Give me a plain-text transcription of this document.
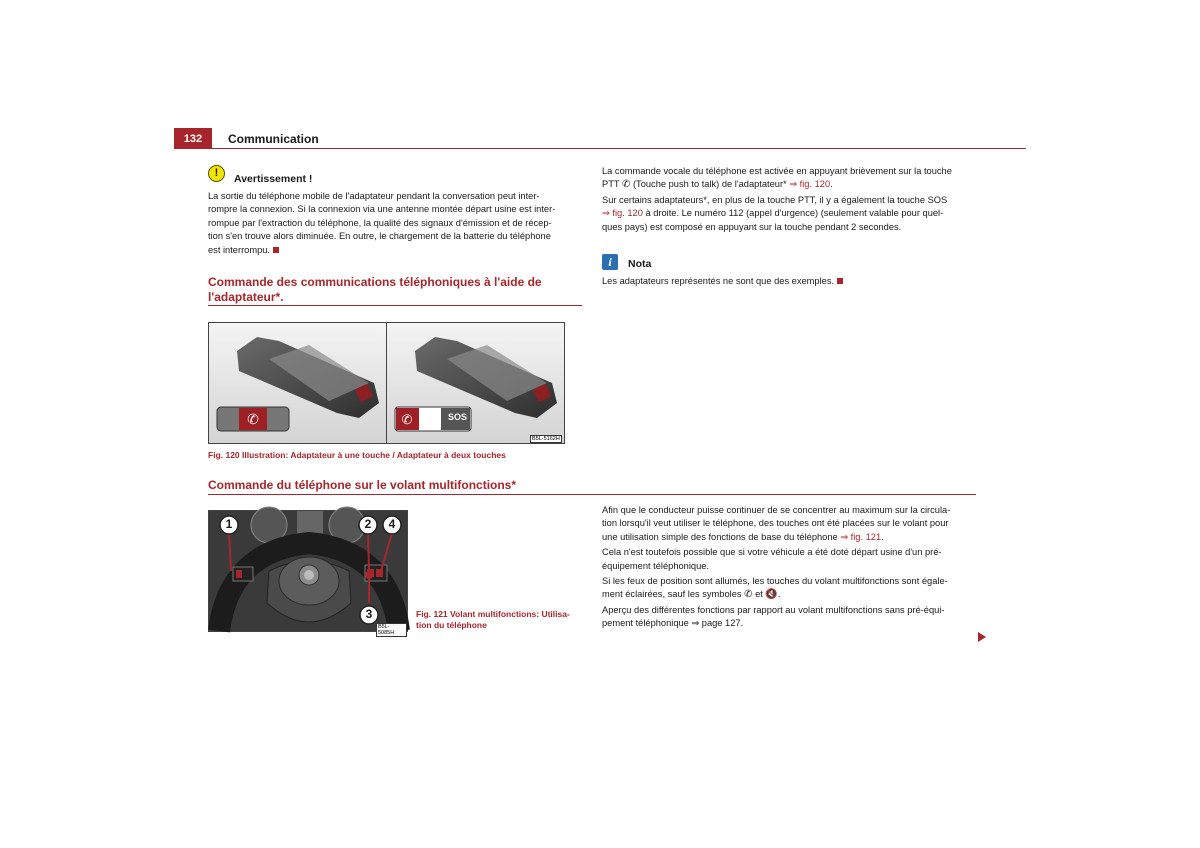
132	Communication
!	Avertissement !
La sortie du téléphone mobile de l'adaptateur pendant la conversation peut inter-
rompre la connexion. Si la connexion via une antenne montée départ usine est inter-
rompue par l'extraction du téléphone, la qualité des signaux d'émission et de récep-
tion s'en trouve alors diminuée. En outre, le chargement de la batterie du téléphone
est interrompu.
Commande des communications téléphoniques à l'aide de
l'adaptateur*.
✆	✆	SOS
B5L-5162H
Fig. 120 Illustration: Adaptateur à une touche / Adaptateur à deux touches
La commande vocale du téléphone est activée en appuyant brièvement sur la touche
PTT ✆ (Touche push to talk) de l'adaptateur* ⇒ fig. 120.
Sur certains adaptateurs*, en plus de la touche PTT, il y a également la touche SOS
⇒ fig. 120 à droite. Le numéro 112 (appel d'urgence) (seulement valable pour quel-
ques pays) est composé en appuyant sur la touche pendant 2 secondes.
i	Nota
Les adaptateurs représentés ne sont que des exemples.
Commande du téléphone sur le volant multifonctions*
1	2
3
4
B5L-5085H
Fig. 121 Volant multifonctions: Utilisa-
tion du téléphone
Afin que le conducteur puisse continuer de se concentrer au maximum sur la circula-
tion lorsqu'il veut utiliser le téléphone, des touches ont été placées sur le volant pour
une utilisation simple des fonctions de base du téléphone ⇒ fig. 121.
Cela n'est toutefois possible que si votre véhicule a été doté départ usine d'un pré-
équipement téléphonique.
Si les feux de position sont allumés, les touches du volant multifonctions sont égale-
ment éclairées, sauf les symboles ✆ et 🔇.
Aperçu des différentes fonctions par rapport au volant multifonctions sans pré-équi-
pement téléphonique ⇒ page 127.
